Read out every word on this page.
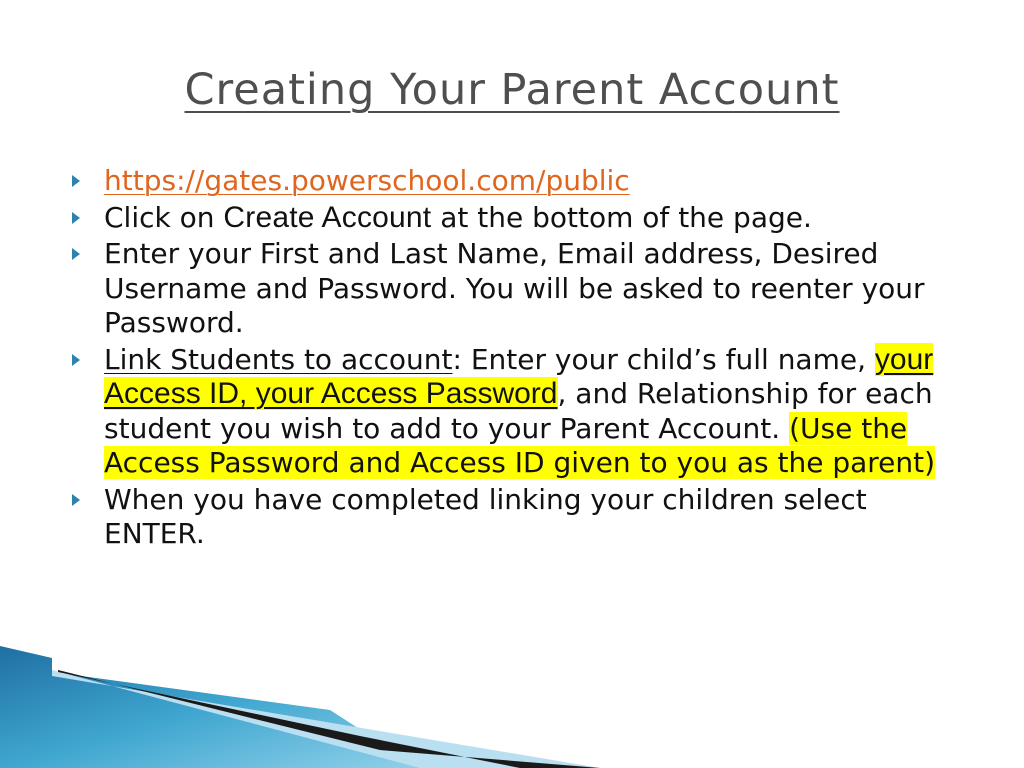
Creating Your Parent Account
https://gates.powerschool.com/public
Click on Create Account at the bottom of the page.
Enter your First and Last Name, Email address, Desired Username and Password. You will be asked to reenter your Password.
Link Students to account: Enter your child’s full name, your Access ID, your Access Password, and Relationship for each student you wish to add to your Parent Account. (Use the Access Password and Access ID given to you as the parent)
When you have completed linking your children select ENTER.
